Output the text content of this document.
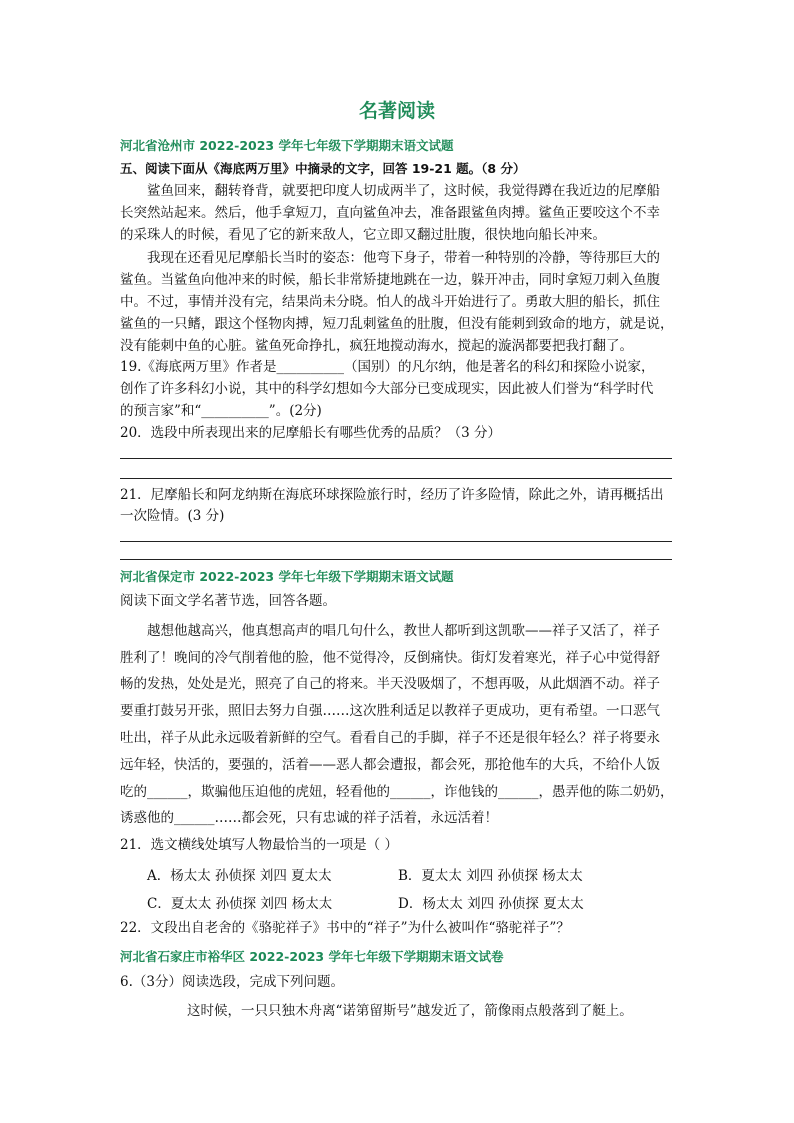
名著阅读
河北省沧州市 2022-2023 学年七年级下学期期末语文试题
五、阅读下面从《海底两万里》中摘录的文字，回答 19-21 题。（8 分）
鲨鱼回来，翻转脊背，就要把印度人切成两半了，这时候，我觉得蹲在我近边的尼摩船
长突然站起来。然后，他手拿短刀，直向鲨鱼冲去，准备跟鲨鱼肉搏。鲨鱼正要咬这个不幸
的采珠人的时候，看见了它的新来敌人，它立即又翻过肚腹，很快地向船长冲来。
我现在还看见尼摩船长当时的姿态：他弯下身子，带着一种特别的冷静，等待那巨大的
鲨鱼。当鲨鱼向他冲来的时候，船长非常矫捷地跳在一边，躲开冲击，同时拿短刀刺入鱼腹
中。不过，事情并没有完，结果尚未分晓。怕人的战斗开始进行了。勇敢大胆的船长，抓住
鲨鱼的一只鳍，跟这个怪物肉搏，短刀乱刺鲨鱼的肚腹，但没有能刺到致命的地方，就是说，
没有能刺中鱼的心脏。鲨鱼死命挣扎，疯狂地搅动海水，搅起的漩涡都要把我打翻了。
19.《海底两万里》作者是__________（国别）的凡尔纳，他是著名的科幻和探险小说家，
创作了许多科幻小说，其中的科学幻想如今大部分已变成现实，因此被人们誉为“科学时代
的预言家”和“__________”。(2分)
20．选段中所表现出来的尼摩船长有哪些优秀的品质？（3 分）
21．尼摩船长和阿龙纳斯在海底环球探险旅行时，经历了许多险情，除此之外，请再概括出
一次险情。(3 分)
河北省保定市 2022-2023 学年七年级下学期期末语文试题
阅读下面文学名著节选，回答各题。
越想他越高兴，他真想高声的唱几句什么，教世人都听到这凯歌——祥子又活了，祥子
胜利了！晚间的冷气削着他的脸，他不觉得冷，反倒痛快。街灯发着寒光，祥子心中觉得舒
畅的发热，处处是光，照亮了自己的将来。半天没吸烟了，不想再吸，从此烟酒不动。祥子
要重打鼓另开张，照旧去努力自强……这次胜利适足以教祥子更成功，更有希望。一口恶气
吐出，祥子从此永远吸着新鲜的空气。看看自己的手脚，祥子不还是很年轻么？祥子将要永
远年轻，快活的，要强的，活着——恶人都会遭报，都会死，那抢他车的大兵，不给仆人饭
吃的______，欺骗他压迫他的虎妞，轻看他的______，诈他钱的______，愚弄他的陈二奶奶，
诱惑他的______……都会死，只有忠诚的祥子活着，永远活着！
21．选文横线处填写人物最恰当的一项是（ ）
A．杨太太 孙侦探 刘四 夏太太	B．夏太太 刘四 孙侦探 杨太太
C．夏太太 孙侦探 刘四 杨太太	D．杨太太 刘四 孙侦探 夏太太
22．文段出自老舍的《骆驼祥子》书中的“祥子”为什么被叫作“骆驼祥子”？
河北省石家庄市裕华区 2022-2023 学年七年级下学期期末语文试卷
6.（3分）阅读选段，完成下列问题。
这时候，一只只独木舟离“诺第留斯号”越发近了，箭像雨点般落到了艇上。
